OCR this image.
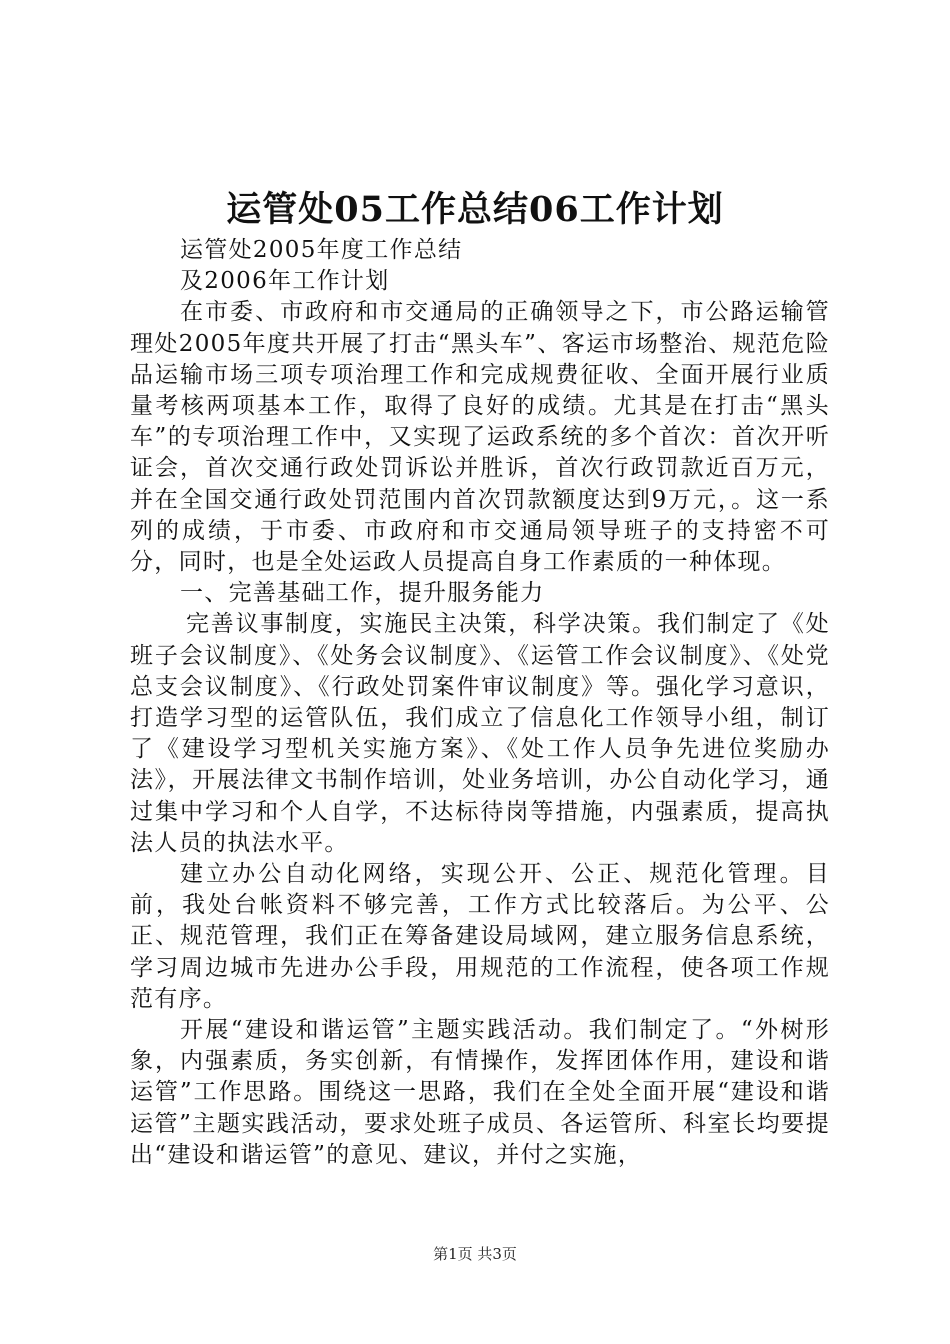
运管处05工作总结06工作计划

运管处2005年度工作总结

及2006年工作计划

在市委、市政府和市交通局的正确领导之下，市公路运输管理处2005年度共开展了打击“黑头车”、客运市场整治、规范危险品运输市场三项专项治理工作和完成规费征收、全面开展行业质量考核两项基本工作，取得了良好的成绩。尤其是在打击“黑头车”的专项治理工作中，又实现了运政系统的多个首次：首次开听证会，首次交通行政处罚诉讼并胜诉，首次行政罚款近百万元，并在全国交通行政处罚范围内首次罚款额度达到9万元，。这一系列的成绩，于市委、市政府和市交通局领导班子的支持密不可分，同时，也是全处运政人员提高自身工作素质的一种体现。

一、完善基础工作，提升服务能力

完善议事制度，实施民主决策，科学决策。我们制定了《处班子会议制度》、《处务会议制度》、《运管工作会议制度》、《处党总支会议制度》、《行政处罚案件审议制度》等。强化学习意识，打造学习型的运管队伍，我们成立了信息化工作领导小组，制订了《建设学习型机关实施方案》、《处工作人员争先进位奖励办法》，开展法律文书制作培训，处业务培训，办公自动化学习，通过集中学习和个人自学，不达标待岗等措施，内强素质，提高执法人员的执法水平。

建立办公自动化网络，实现公开、公正、规范化管理。目前，我处台帐资料不够完善，工作方式比较落后。为公平、公正、规范管理，我们正在筹备建设局域网，建立服务信息系统，学习周边城市先进办公手段，用规范的工作流程，使各项工作规范有序。

开展“建设和谐运管”主题实践活动。我们制定了。“外树形象，内强素质，务实创新，有情操作，发挥团体作用，建设和谐运管”工作思路。围绕这一思路，我们在全处全面开展“建设和谐运管”主题实践活动，要求处班子成员、各运管所、科室长均要提出“建设和谐运管”的意见、建议，并付之实施，

第1页 共3页
